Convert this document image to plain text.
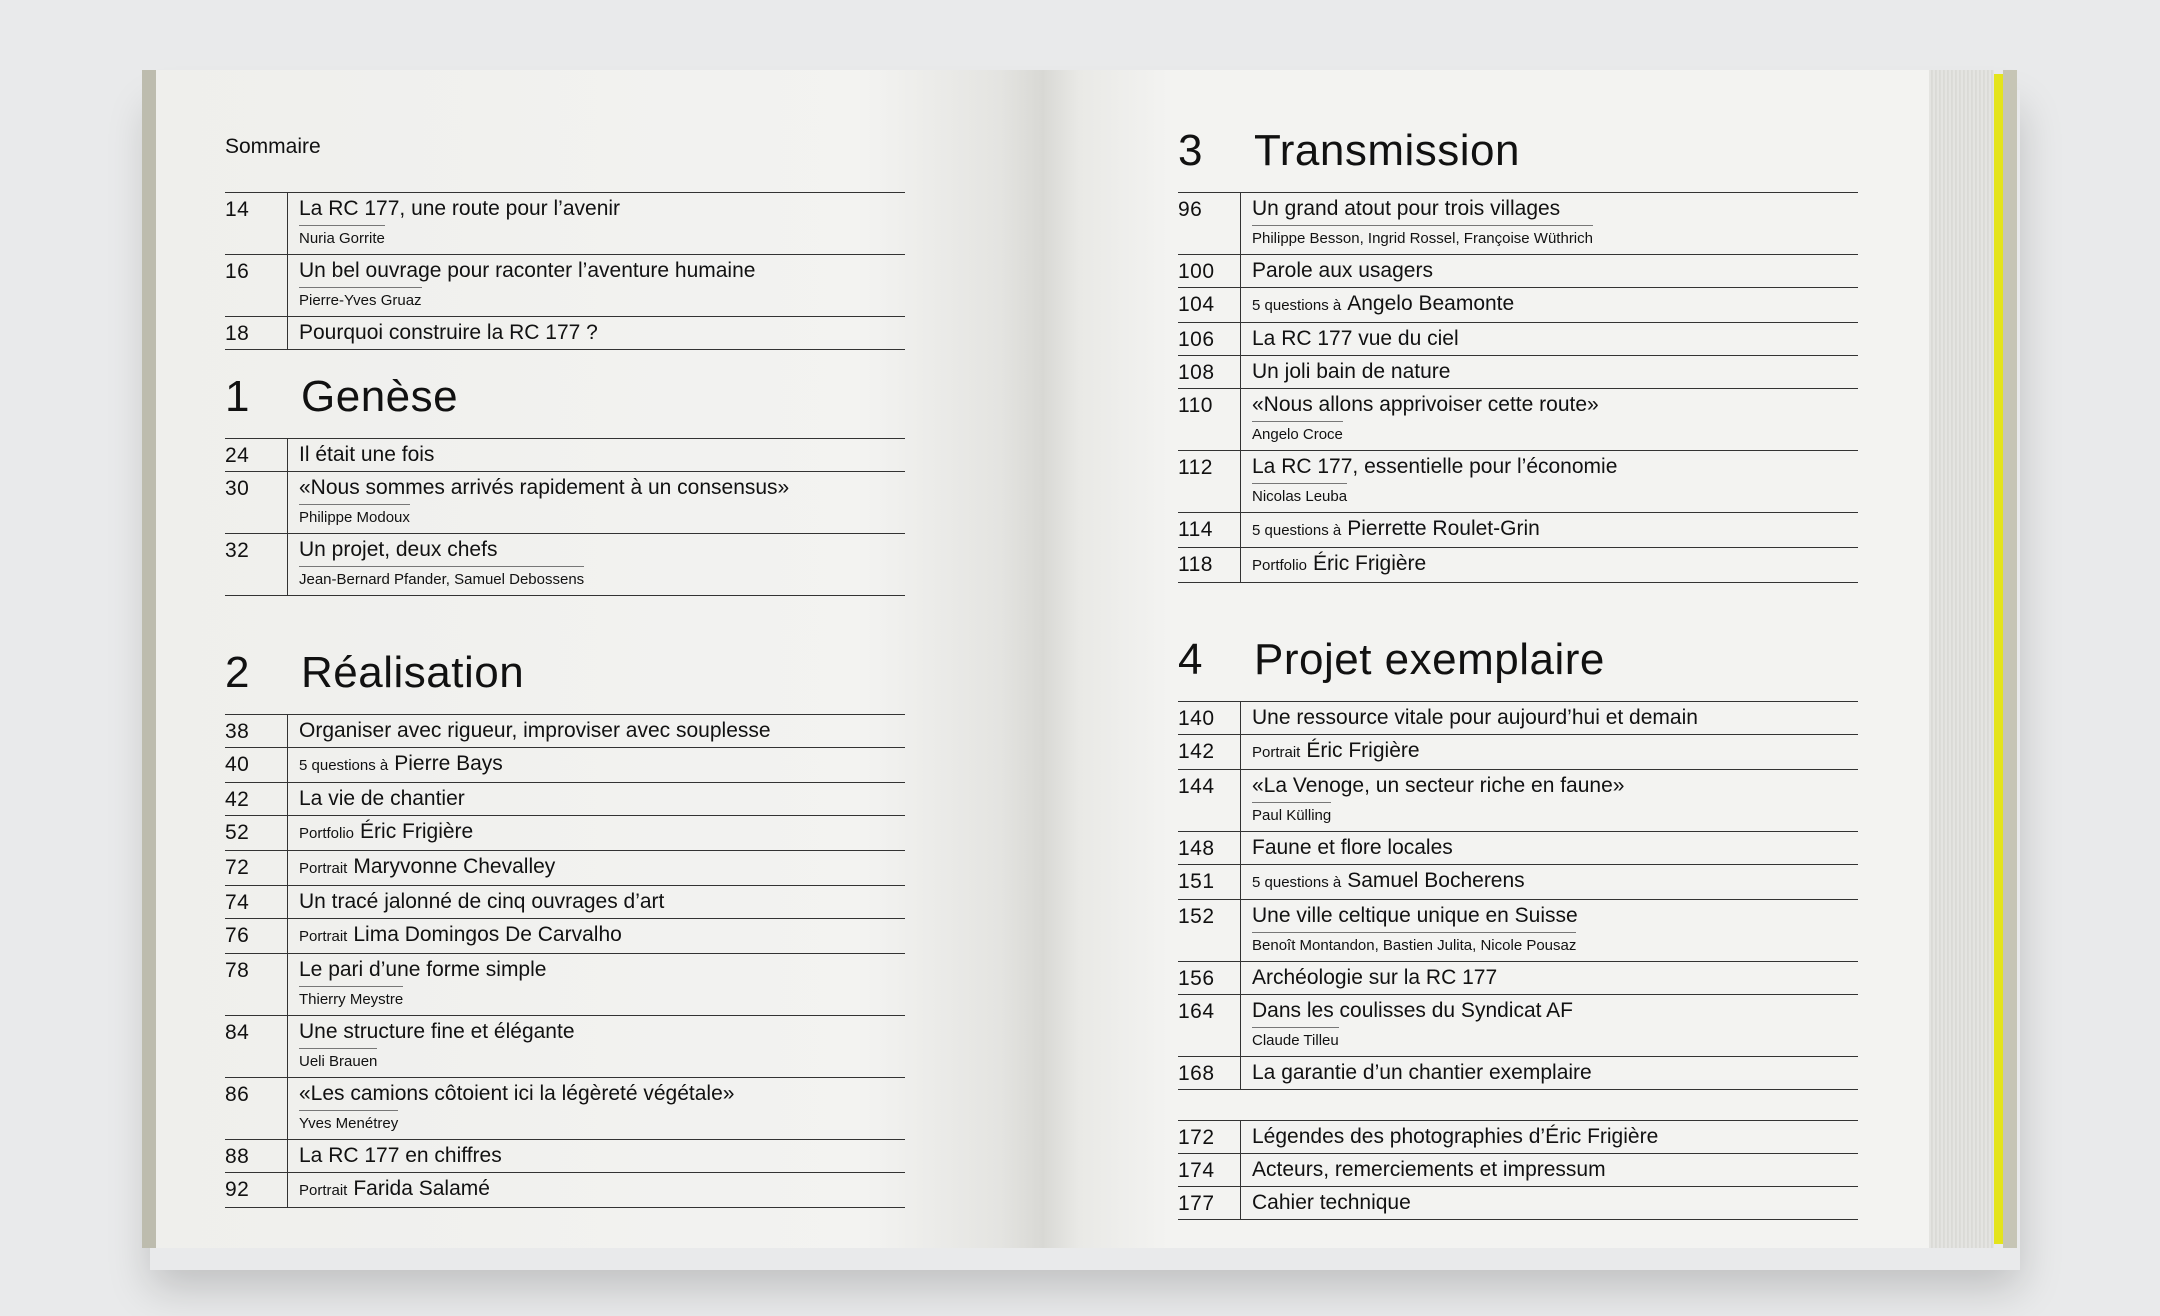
Sommaire
14	La RC 177, une route pour l’avenir
Nuria Gorrite
16	Un bel ouvrage pour raconter l’aventure humaine
Pierre-Yves Gruaz
18	Pourquoi construire la RC 177 ?
1	Genèse
24	Il était une fois
30	«Nous sommes arrivés rapidement à un consensus»
Philippe Modoux
32	Un projet, deux chefs
Jean-Bernard Pfander, Samuel Debossens
2	Réalisation
38	Organiser avec rigueur, improviser avec souplesse
40	5 questions à Pierre Bays
42	La vie de chantier
52	Portfolio Éric Frigière
72	Portrait Maryvonne Chevalley
74	Un tracé jalonné de cinq ouvrages d’art
76	Portrait Lima Domingos De Carvalho
78	Le pari d’une forme simple
Thierry Meystre
84	Une structure fine et élégante
Ueli Brauen
86	«Les camions côtoient ici la légèreté végétale»
Yves Menétrey
88	La RC 177 en chiffres
92	Portrait Farida Salamé
3	Transmission
96	Un grand atout pour trois villages
Philippe Besson, Ingrid Rossel, Françoise Wüthrich
100	Parole aux usagers
104	5 questions à Angelo Beamonte
106	La RC 177 vue du ciel
108	Un joli bain de nature
110	«Nous allons apprivoiser cette route»
Angelo Croce
112	La RC 177, essentielle pour l’économie
Nicolas Leuba
114	5 questions à Pierrette Roulet-Grin
118	Portfolio Éric Frigière
4	Projet exemplaire
140	Une ressource vitale pour aujourd’hui et demain
142	Portrait Éric Frigière
144	«La Venoge, un secteur riche en faune»
Paul Külling
148	Faune et flore locales
151	5 questions à Samuel Bocherens
152	Une ville celtique unique en Suisse
Benoît Montandon, Bastien Julita, Nicole Pousaz
156	Archéologie sur la RC 177
164	Dans les coulisses du Syndicat AF
Claude Tilleu
168	La garantie d’un chantier exemplaire
172	Légendes des photographies d’Éric Frigière
174	Acteurs, remerciements et impressum
177	Cahier technique
